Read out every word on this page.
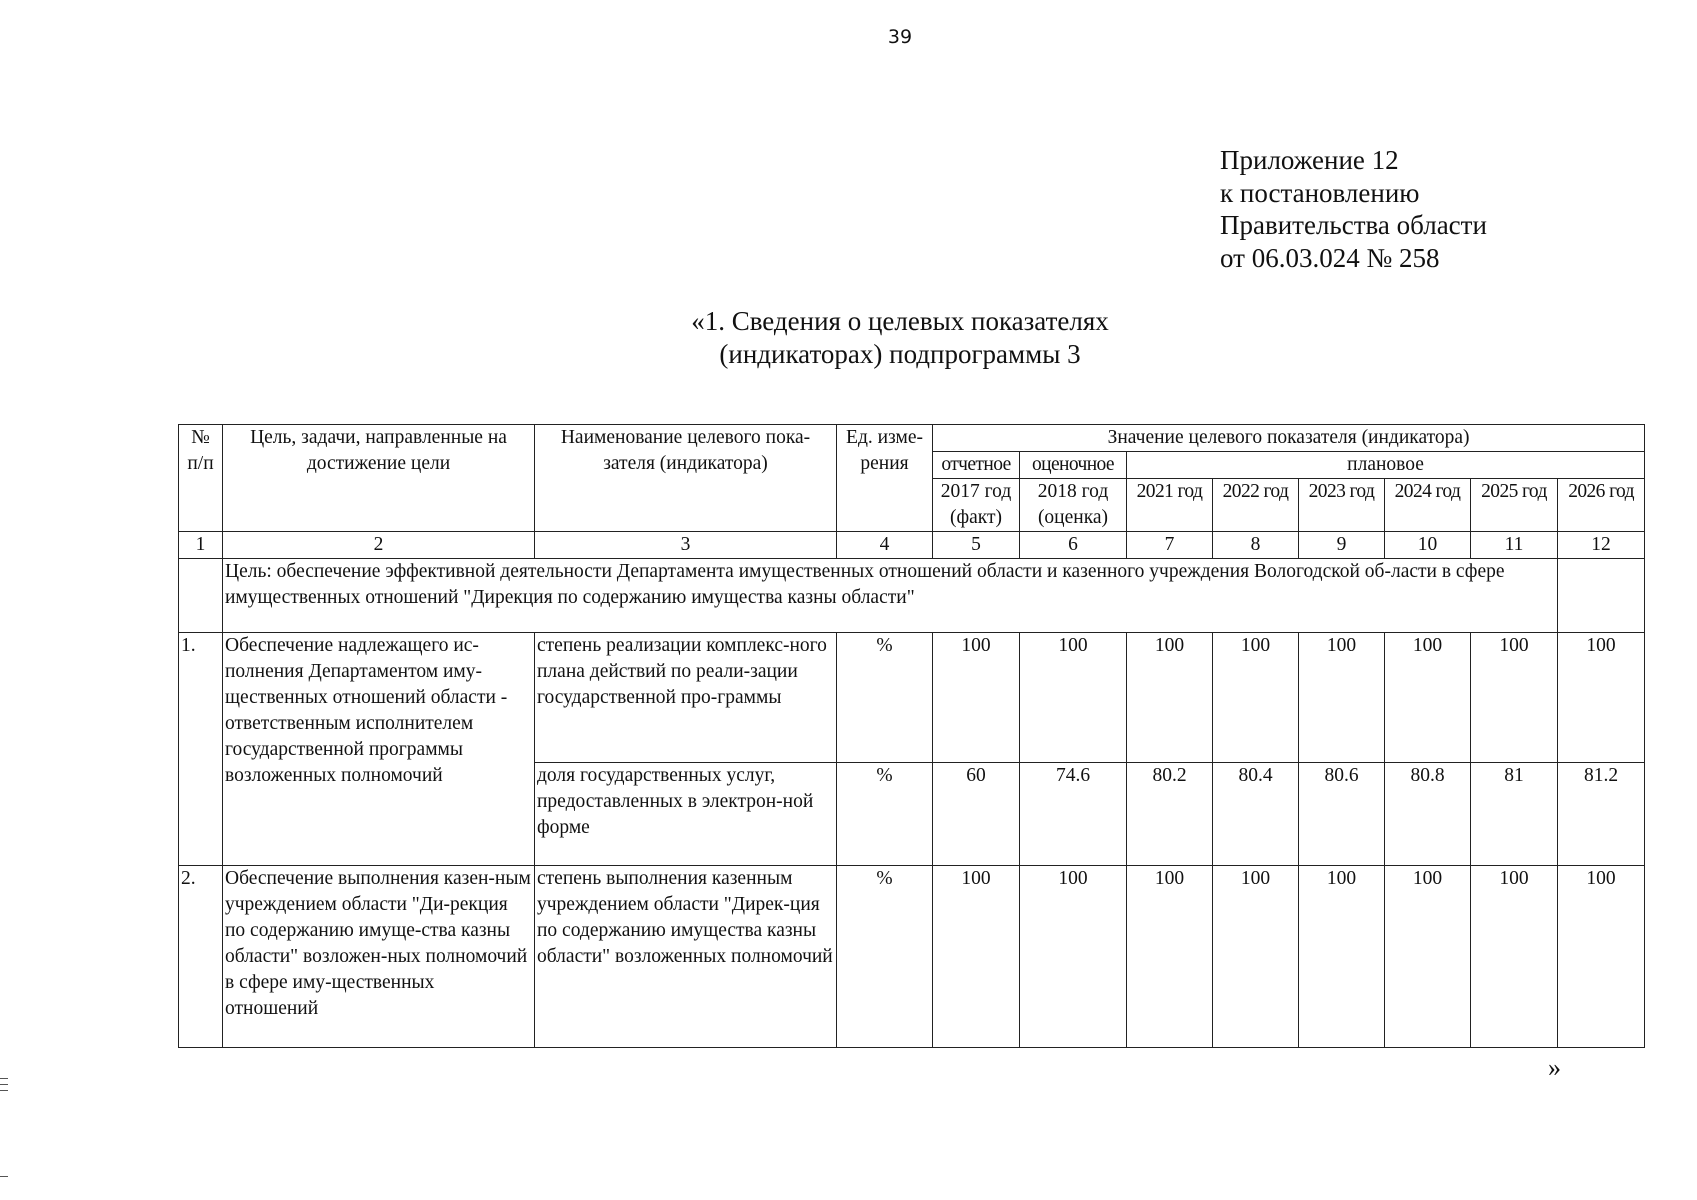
39
Приложение 12
к постановлению
Правительства области
от 06.03.024 № 258
«1. Сведения о целевых показателях
(индикаторах) подпрограммы 3
№ п/п	Цель, задачи, направленные на достижение цели	Наименование целевого пока-зателя (индикатора)	Ед. изме-рения	Значение целевого показателя (индикатора)							
				отчетное	оценочное	плановое					
				2017 год (факт)	2018 год (оценка)	2021 год	2022 год	2023 год	2024 год	2025 год	2026 год
1	2	3	4	5	6	7	8	9	10	11	12
	Цель: обеспечение эффективной деятельности Департамента имущественных отношений области и казенного учреждения Вологодской об-ласти в сфере имущественных отношений "Дирекция по содержанию имущества казны области"										
1.	Обеспечение надлежащего ис-полнения Департаментом иму-щественных отношений области - ответственным исполнителем государственной программы возложенных полномочий	степень реализации комплекс-ного плана действий по реали-зации государственной про-граммы	%	100	100	100	100	100	100	100	100
		доля государственных услуг, предоставленных в электрон-ной форме	%	60	74.6	80.2	80.4	80.6	80.8	81	81.2
2.	Обеспечение выполнения казен-ным учреждением области "Ди-рекция по содержанию имуще-ства казны области" возложен-ных полномочий в сфере иму-щественных отношений	степень выполнения казенным учреждением области "Дирек-ция по содержанию имущества казны области" возложенных полномочий	%	100	100	100	100	100	100	100	100
»
